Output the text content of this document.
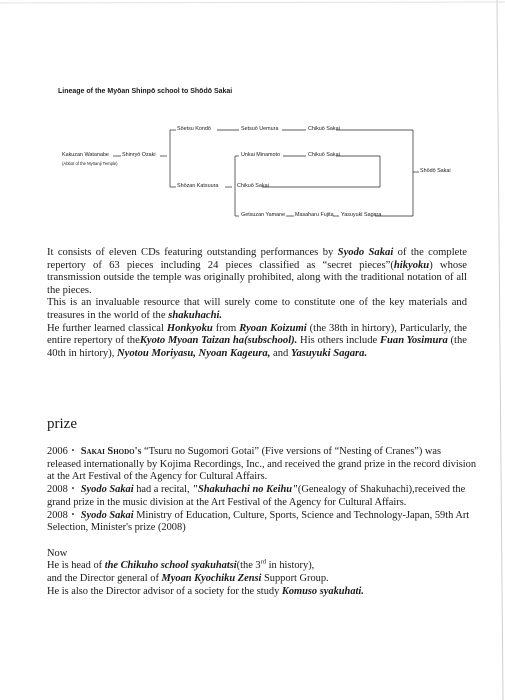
Lineage of the Myōan Shinpō school to Shōdō Sakai
Kakuzan Watanabe
(Abbot of the Myōanji Temple)
Shinryō Ozaki
Sōetsu Kondō	Setsuō Uemura	Chikuō Sakai
Unkai Minamoto	Chikuō Sakai
Shōzan Katsuura	Chikuō Sakai
Shōdō Sakai
Getsuzan Yamane Masaharu Fujita Yasuyuki Sagara

It consists of eleven CDs featuring outstanding performances by Syodo Sakai of the complete repertory of 63 pieces including 24 pieces classified as “secret pieces”(hikyoku) whose transmission outside the temple was originally prohibited, along with the traditional notation of all the pieces.

This is an invaluable resource that will surely come to constitute one of the key materials and treasures in the world of the shakuhachi.

He further learned classical Honkyoku from Ryoan Koizumi (the 38th in hirtory), Particularly, the entire repertory of theKyoto Myoan Taizan ha(subschool). His others include Fuan Yosimura (the 40th in hirtory), Nyotou Moriyasu, Nyoan Kageura, and Yasuyuki Sagara.

prize

2006・ Sakai Shodo's “Tsuru no Sugomori Gotai” (Five versions of “Nesting of Cranes”) was released internationally by Kojima Recordings, Inc., and received the grand prize in the record division at the Art Festival of the Agency for Cultural Affairs.

2008・ Syodo Sakai had a recital, "Shakuhachi no Keihu"(Genealogy of Shakuhachi),received the grand prize in the music division at the Art Festival of the Agency for Cultural Affairs.

2008・ Syodo Sakai Ministry of Education, Culture, Sports, Science and Technology-Japan, 59th Art Selection, Minister's prize (2008)

Now

He is head of the Chikuho school syakuhatsi(the 3rd in history),

and the Director general of Myoan Kyochiku Zensi Support Group.

He is also the Director advisor of a society for the study Komuso syakuhati.
